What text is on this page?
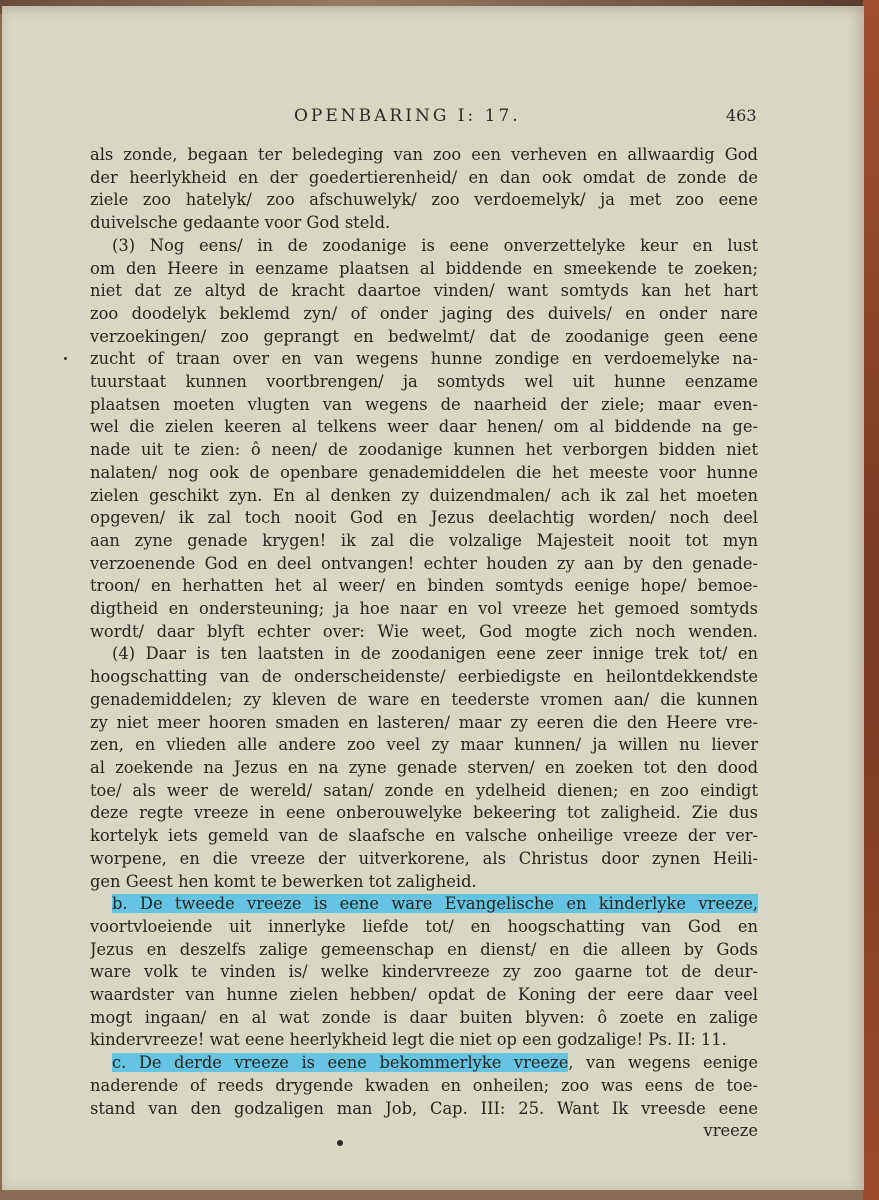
OPENBARING I: 17.	463
als zonde, begaan ter beledeging van zoo een verheven en allwaardig God
der heerlykheid en der goedertierenheid/ en dan ook omdat de zonde de
ziele zoo hatelyk/ zoo afschuwelyk/ zoo verdoemelyk/ ja met zoo eene
duivelsche gedaante voor God steld.
(3) Nog eens/ in de zoodanige is eene onverzettelyke keur en lust
om den Heere in eenzame plaatsen al biddende en smeekende te zoeken;
niet dat ze altyd de kracht daartoe vinden/ want somtyds kan het hart
zoo doodelyk beklemd zyn/ of onder jaging des duivels/ en onder nare
verzoekingen/ zoo geprangt en bedwelmt/ dat de zoodanige geen eene
zucht of traan over en van wegens hunne zondige en verdoemelyke na-
tuurstaat kunnen voortbrengen/ ja somtyds wel uit hunne eenzame
plaatsen moeten vlugten van wegens de naarheid der ziele; maar even-
wel die zielen keeren al telkens weer daar henen/ om al biddende na ge-
nade uit te zien: ô neen/ de zoodanige kunnen het verborgen bidden niet
nalaten/ nog ook de openbare genademiddelen die het meeste voor hunne
zielen geschikt zyn. En al denken zy duizendmalen/ ach ik zal het moeten
opgeven/ ik zal toch nooit God en Jezus deelachtig worden/ noch deel
aan zyne genade krygen! ik zal die volzalige Majesteit nooit tot myn
verzoenende God en deel ontvangen! echter houden zy aan by den genade-
troon/ en herhatten het al weer/ en binden somtyds eenige hope/ bemoe-
digtheid en ondersteuning; ja hoe naar en vol vreeze het gemoed somtyds
wordt/ daar blyft echter over: Wie weet, God mogte zich noch wenden.
(4) Daar is ten laatsten in de zoodanigen eene zeer innige trek tot/ en
hoogschatting van de onderscheidenste/ eerbiedigste en heilontdekkendste
genademiddelen; zy kleven de ware en teederste vromen aan/ die kunnen
zy niet meer hooren smaden en lasteren/ maar zy eeren die den Heere vre-
zen, en vlieden alle andere zoo veel zy maar kunnen/ ja willen nu liever
al zoekende na Jezus en na zyne genade sterven/ en zoeken tot den dood
toe/ als weer de wereld/ satan/ zonde en ydelheid dienen; en zoo eindigt
deze regte vreeze in eene onberouwelyke bekeering tot zaligheid. Zie dus
kortelyk iets gemeld van de slaafsche en valsche onheilige vreeze der ver-
worpene, en die vreeze der uitverkorene, als Christus door zynen Heili-
gen Geest hen komt te bewerken tot zaligheid.
b. De tweede vreeze is eene ware Evangelische en kinderlyke vreeze,
voortvloeiende uit innerlyke liefde tot/ en hoogschatting van God en
Jezus en deszelfs zalige gemeenschap en dienst/ en die alleen by Gods
ware volk te vinden is/ welke kindervreeze zy zoo gaarne tot de deur-
waardster van hunne zielen hebben/ opdat de Koning der eere daar veel
mogt ingaan/ en al wat zonde is daar buiten blyven: ô zoete en zalige
kindervreeze! wat eene heerlykheid legt die niet op een godzalige! Ps. II: 11.
c. De derde vreeze is eene bekommerlyke vreeze, van wegens eenige
naderende of reeds drygende kwaden en onheilen; zoo was eens de toe-
stand van den godzaligen man Job, Cap. III: 25. Want Ik vreesde eene
vreeze
